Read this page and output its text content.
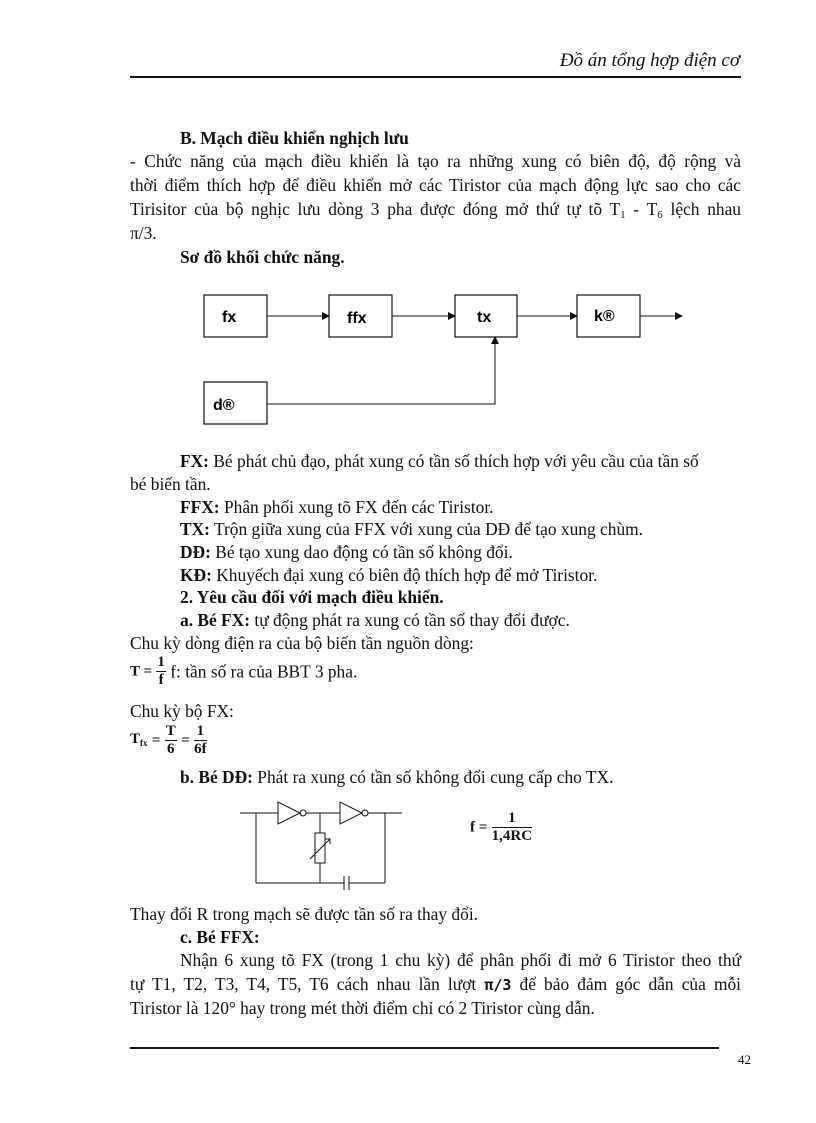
Đồ án tổng hợp điện cơ
B. Mạch điều khiển nghịch lưu
- Chức năng của mạch điều khiển là tạo ra những xung có biên độ, độ rộng và
thời điểm thích hợp để điều khiển mở các Tiristor của mạch động lực sao cho các
Tirisitor của bộ nghịc lưu dòng 3 pha được đóng mở thứ tự tõ $T_1 - T_6$ lệch nhau
π/3.
Sơ đồ khối chức năng.
fx	ffx	tx	k®
d®
FX: Bé phát chủ đạo, phát xung có tần số thích hợp với yêu cầu của tần số
bé biến tần.
FFX: Phân phối xung tõ FX đến các Tiristor.
TX: Trộn giữa xung của FFX với xung của DĐ để tạo xung chùm.
DĐ: Bé tạo xung dao động có tần số không đổi.
KĐ: Khuyếch đại xung có biên độ thích hợp để mở Tiristor.
2. Yêu cầu đối với mạch điều khiển.
a. Bé FX: tự động phát ra xung có tần số thay đổi được.
Chu kỳ dòng điện ra của bộ biến tần nguồn dòng:
$T = \frac{1}{f} f$: tần số ra của BBT 3 pha.
Chu kỳ bộ FX:
$T_{fx} = \frac{T}{6} = \frac{1}{6f}$
b. Bé DĐ: Phát ra xung có tần số không đổi cung cấp cho TX.
$f = \frac{1}{1,4RC}$
Thay đổi R trong mạch sẽ được tần số ra thay đổi.
c. Bé FFX:
Nhận 6 xung tõ FX (trong 1 chu kỳ) để phân phối đi mở 6 Tiristor theo thứ
tự T1, T2, T3, T4, T5, T6 cách nhau lần lượt π/3 để bảo đảm góc dẫn của mỗi
Tiristor là 120° hay trong mét thời điểm chỉ có 2 Tiristor cùng dẫn.
42
